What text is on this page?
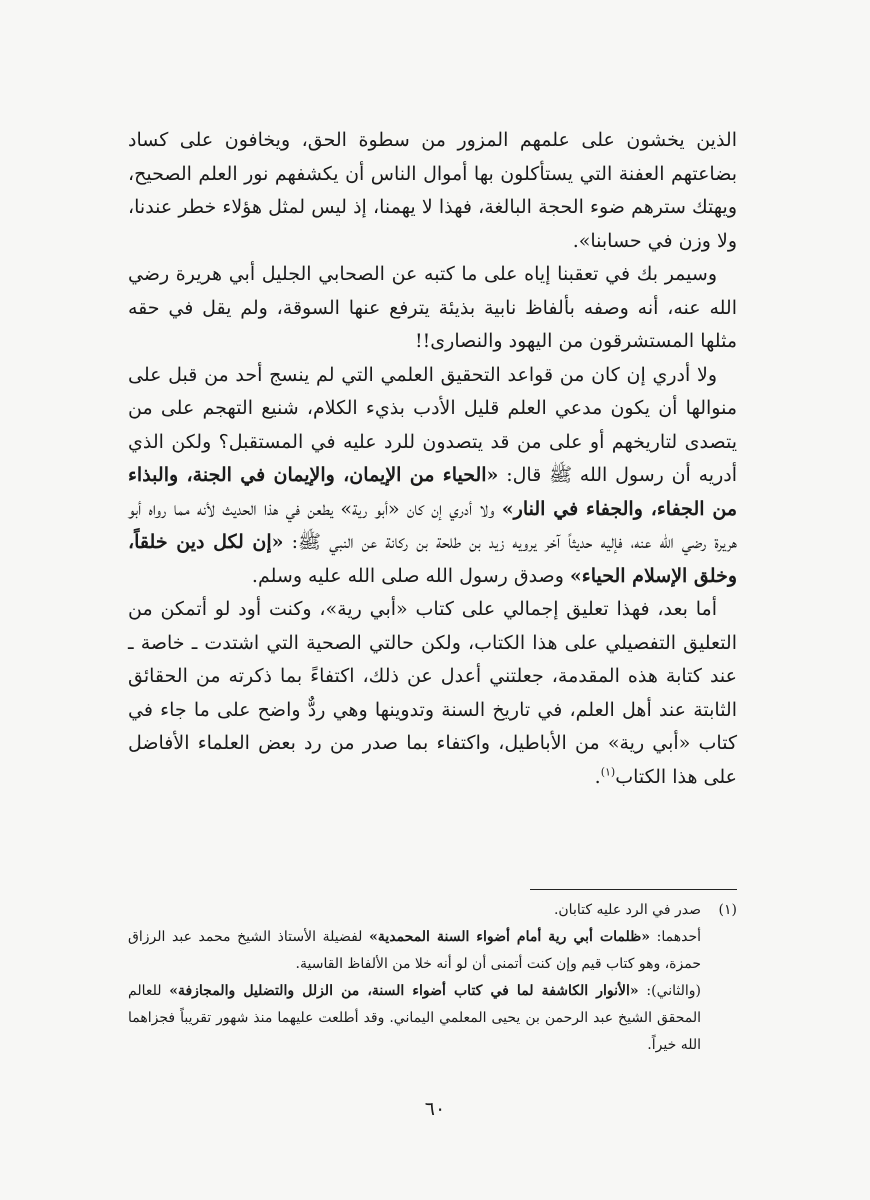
الذين يخشون على علمهم المزور من سطوة الحق، ويخافون على كساد بضاعتهم العفنة التي يستأكلون بها أموال الناس أن يكشفهم نور العلم الصحيح، ويهتك سترهم ضوء الحجة البالغة، فهذا لا يهمنا، إذ ليس لمثل هؤلاء خطر عندنا، ولا وزن في حسابنا».

وسيمر بك في تعقبنا إياه على ما كتبه عن الصحابي الجليل أبي هريرة رضي الله عنه، أنه وصفه بألفاظ نابية بذيئة يترفع عنها السوقة، ولم يقل في حقه مثلها المستشرقون من اليهود والنصارى!!

ولا أدري إن كان من قواعد التحقيق العلمي التي لم ينسج أحد من قبل على منوالها أن يكون مدعي العلم قليل الأدب بذيء الكلام، شنيع التهجم على من يتصدى لتاريخهم أو على من قد يتصدون للرد عليه في المستقبل؟ ولكن الذي أدريه أن رسول الله ﷺ قال: «الحياء من الإيمان، والإيمان في الجنة، والبذاء من الجفاء، والجفاء في النار» ولا أدري إن كان «أبو رية» يطعن في هذا الحديث لأنه مما رواه أبو هريرة رضي الله عنه، فإليه حديثاً آخر يرويه زيد بن طلحة بن ركانة عن النبي ﷺ: «إن لكل دين خلقاً، وخلق الإسلام الحياء» وصدق رسول الله صلى الله عليه وسلم.

أما بعد، فهذا تعليق إجمالي على كتاب «أبي رية»، وكنت أود لو أتمكن من التعليق التفصيلي على هذا الكتاب، ولكن حالتي الصحية التي اشتدت ـ خاصة ـ عند كتابة هذه المقدمة، جعلتني أعدل عن ذلك، اكتفاءً بما ذكرته من الحقائق الثابتة عند أهل العلم، في تاريخ السنة وتدوينها وهي ردٌّ واضح على ما جاء في كتاب «أبي رية» من الأباطيل، واكتفاء بما صدر من رد بعض العلماء الأفاضل على هذا الكتاب$^{(١)}$.

(١)صدر في الرد عليه كتابان.

أحدهما: «ظلمات أبي رية أمام أضواء السنة المحمدية» لفضيلة الأستاذ الشيخ محمد عبد الرزاق حمزة، وهو كتاب قيم وإن كنت أتمنى أن لو أنه خلا من الألفاظ القاسية.

(والثاني): «الأنوار الكاشفة لما في كتاب أضواء السنة، من الزلل والتضليل والمجازفة» للعالم المحقق الشيخ عبد الرحمن بن يحيى المعلمي اليماني. وقد أطلعت عليهما منذ شهور تقريباً فجزاهما الله خيراً.

٦٠
